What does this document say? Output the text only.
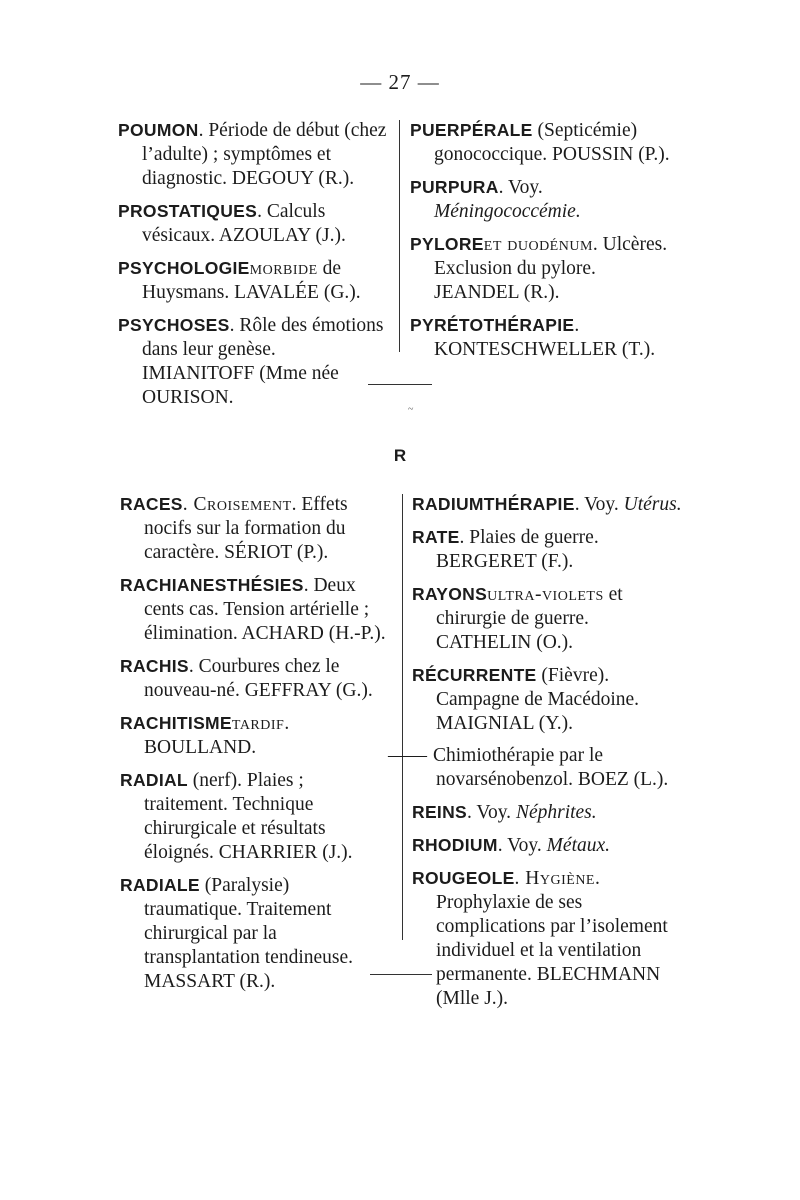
— 27 —

POUMON. Période de début (chez l’adulte) ; symptômes et diagnostic. DEGOUY (R.).

PROSTATIQUES. Calculs vésicaux. AZOULAY (J.).

PSYCHOLOGIEmorbide de Huysmans. LAVALÉE (G.).

PSYCHOSES. Rôle des émotions dans leur genèse. IMIANITOFF (Mme née OURISON.

PUERPÉRALE (Septicémie) gonococcique. POUSSIN (P.).

PURPURA. Voy. Méningococcémie.

PYLOREet duodénum. Ulcères. Exclusion du pylore. JEANDEL (R.).

PYRÉTOTHÉRAPIE. KONTESCHWELLER (T.).

~
R

RACES. Croisement. Effets nocifs sur la formation du caractère. SÉRIOT (P.).

RACHIANESTHÉSIES. Deux cents cas. Tension artérielle ; élimination. ACHARD (H.-P.).

RACHIS. Courbures chez le nouveau-né. GEFFRAY (G.).

RACHITISMEtardif. BOULLAND.

RADIAL (nerf). Plaies ; traitement. Technique chirurgicale et résultats éloignés. CHARRIER (J.).

RADIALE (Paralysie) traumatique. Traitement chirurgical par la transplantation tendineuse. MASSART (R.).

RADIUMTHÉRAPIE. Voy. Utérus.

RATE. Plaies de guerre. BERGERET (F.).

RAYONSultra-violets et chirurgie de guerre. CATHELIN (O.).

RÉCURRENTE (Fièvre). Campagne de Macédoine. MAIGNIAL (Y.).

—— Chimiothérapie par le novarsénobenzol. BOEZ (L.).

REINS. Voy. Néphrites.

RHODIUM. Voy. Métaux.

ROUGEOLE. Hygiène. Prophylaxie de ses complications par l’isolement individuel et la ventilation permanente. BLECHMANN (Mlle J.).
